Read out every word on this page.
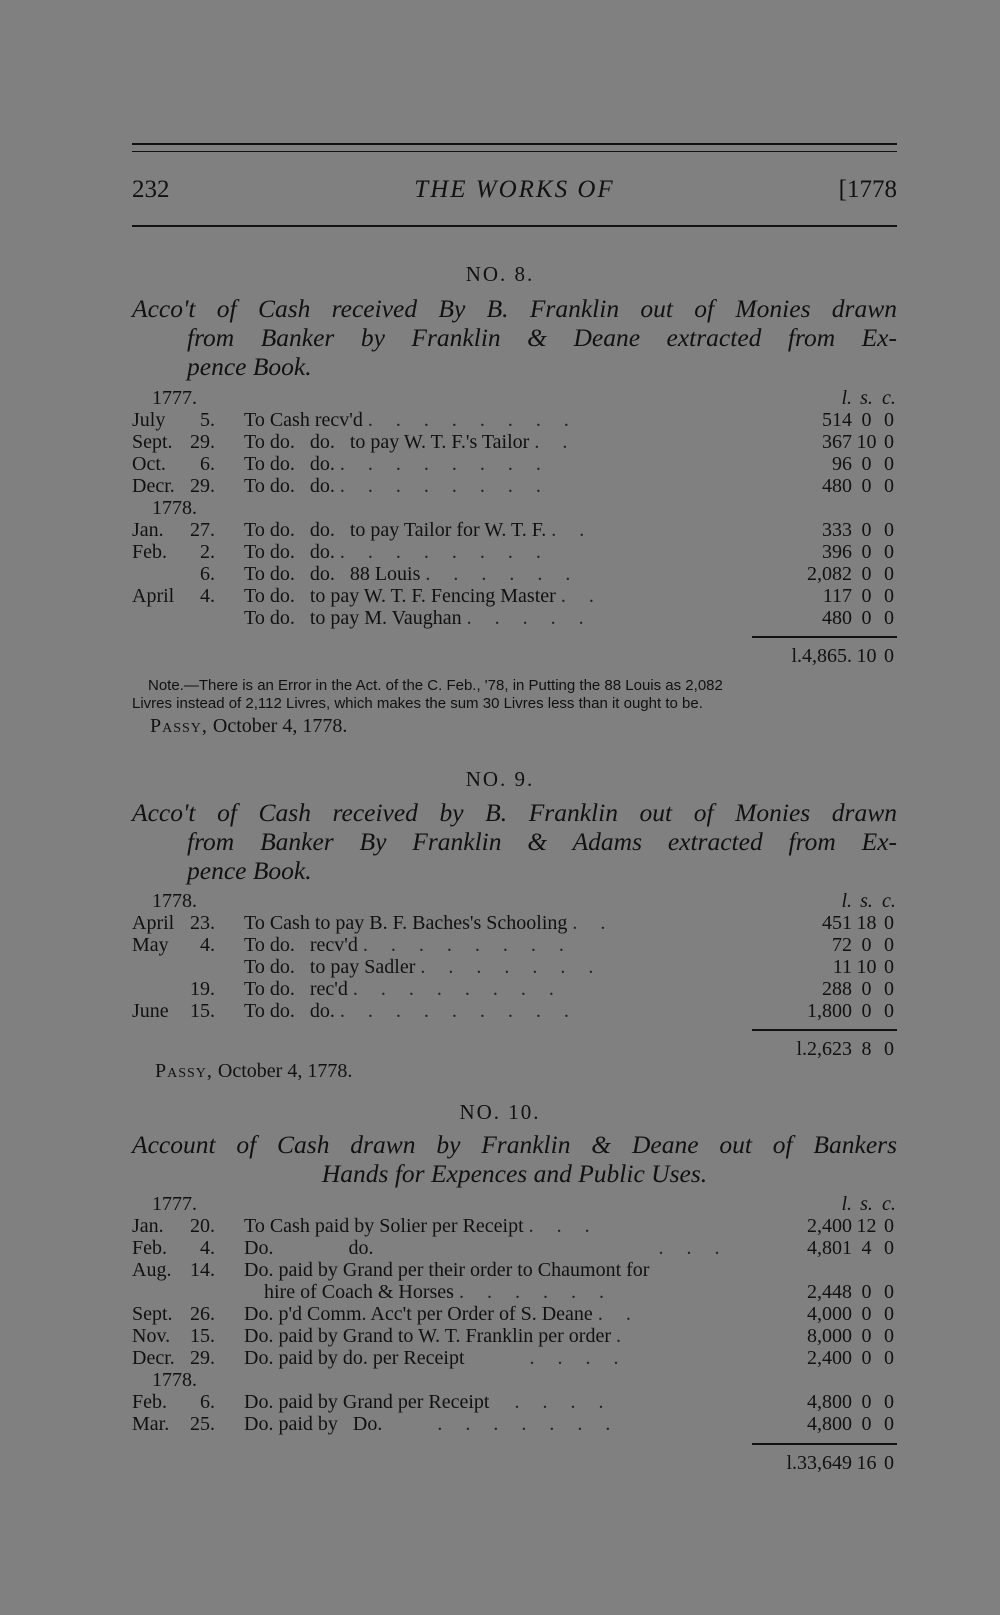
232	THE WORKS OF	[1778
NO. 8.
Acco't of Cash received By B. Franklin out of Monies drawn
from Banker by Franklin & Deane extracted from Ex-
pence Book.
1777.	l. s. c.
July	5. To Cash recv'd . . . . . . . .	514 0 0
Sept. 29. To do.   do.   to pay W. T. F.'s Tailor . .	367 10 0
Oct.	6. To do.   do. . . . . . . . .	96 0 0
Decr. 29. To do.   do. . . . . . . . .	480 0 0
1778.
Jan.	27. To do.   do.   to pay Tailor for W. T. F. . .	333 0 0
Feb.	2. To do.   do. . . . . . . . .	396 0 0
6. To do.   do.   88 Louis . . . . . .	2,082 0 0
April	4. To do.   to pay W. T. F. Fencing Master . .	117 0 0
To do.   to pay M. Vaughan . . . . .	480 0 0
l.4,865. 10 0
Note.—There is an Error in the Act. of the C. Feb., '78, in Putting the 88 Louis as 2,082
Livres instead of 2,112 Livres, which makes the sum 30 Livres less than it ought to be.
Passy, October 4, 1778.
NO. 9.
Acco't of Cash received by B. Franklin out of Monies drawn
from Banker By Franklin & Adams extracted from Ex-
pence Book.
1778.	l. s. c.
April 23. To Cash to pay B. F. Baches's Schooling . .	451 18 0
May	4. To do.   recv'd . . . . . . . .	72 0 0
To do.   to pay Sadler . . . . . . .	11 10 0
19. To do.   rec'd . . . . . . . .	288 0 0
June	15. To do.   do. . . . . . . . . .	1,800 0 0
l.2,623 8 0
Passy, October 4, 1778.
NO. 10.
Account of Cash drawn by Franklin & Deane out of Bankers
Hands for Expences and Public Uses.
1777.	l. s. c.
Jan.	20. To Cash paid by Solier per Receipt . . .	2,400 12 0
Feb.	4. Do.	do.	. . .	4,801 4 0
Aug. 14. Do. paid by Grand per their order to Chaumont for
hire of Coach & Horses . . . . . .	2,448 0 0
Sept. 26. Do. p'd Comm. Acc't per Order of S. Deane . .	4,000 0 0
Nov. 15. Do. paid by Grand to W. T. Franklin per order .	8,000 0 0
Decr. 29. Do. paid by do. per Receipt	. . . .	2,400 0 0
1778.
Feb.	6. Do. paid by Grand per Receipt . . . .	4,800 0 0
Mar.	25. Do. paid by   Do.	. . . . . . .	4,800 0 0
l.33,649 16 0
